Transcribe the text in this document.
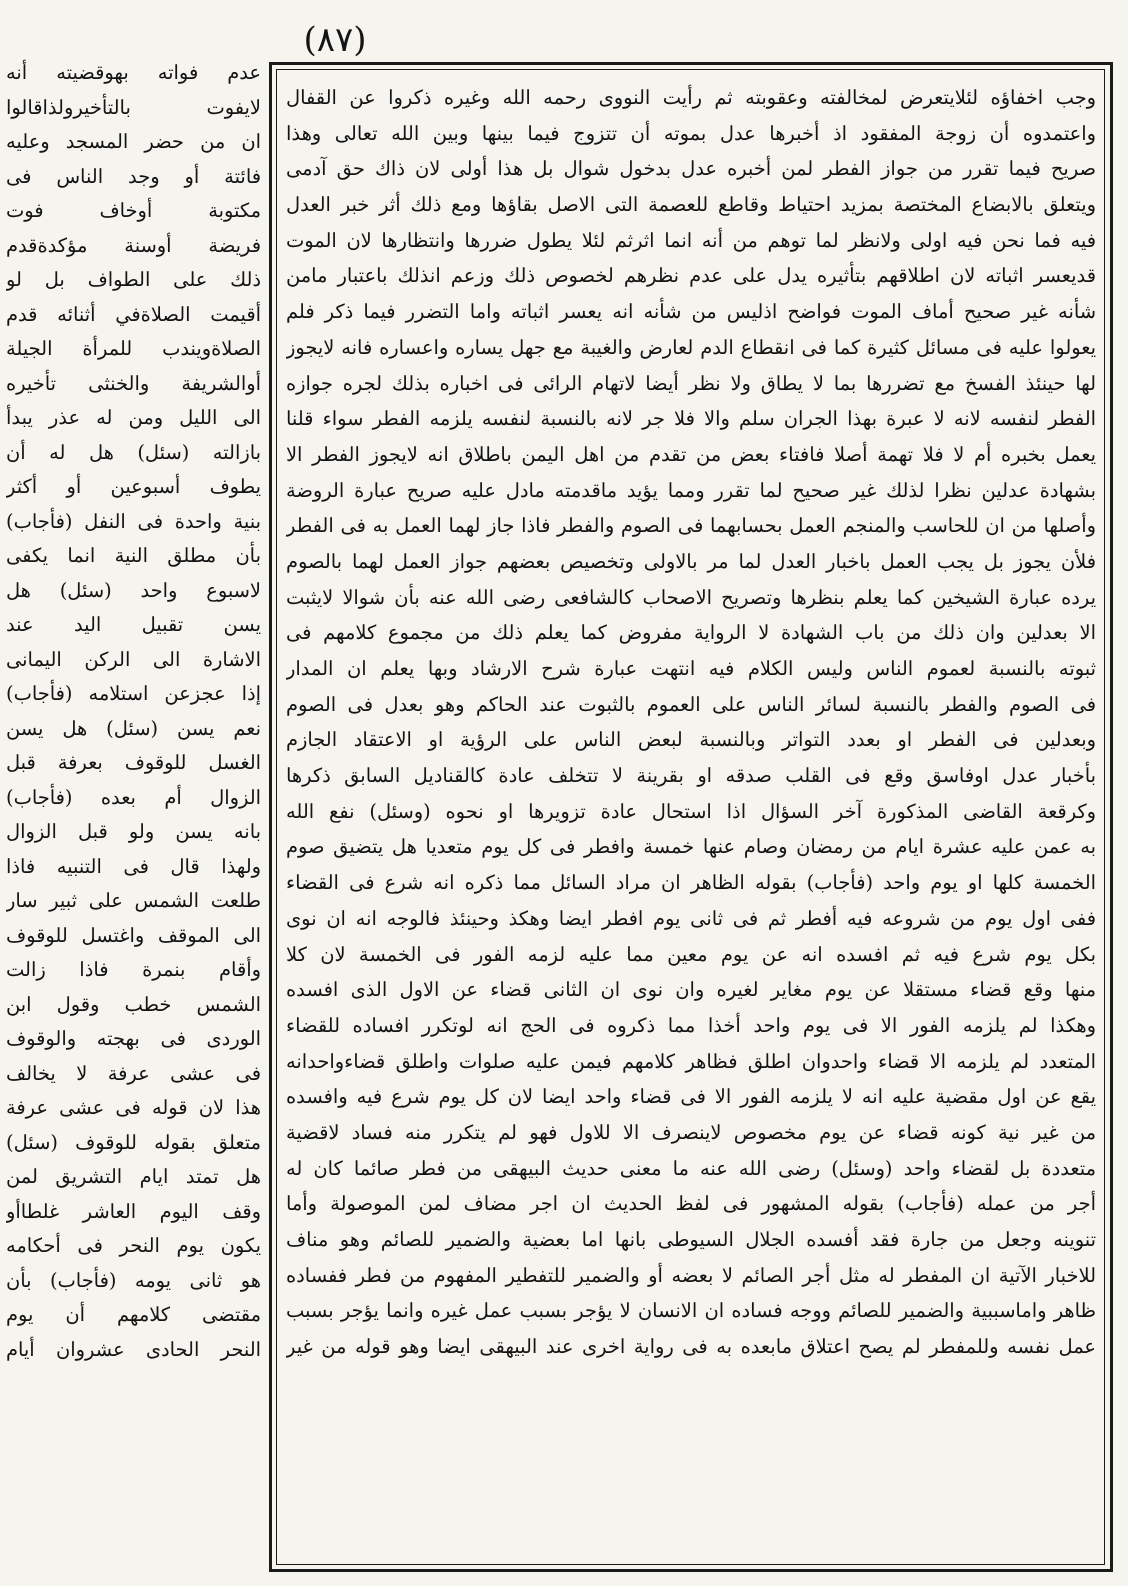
(٨٧)
وجب اخفاؤه لئلايتعرض لمخالفته وعقوبته ثم رأيت النووى رحمه الله وغيره ذكروا عن القفال
واعتمدوه أن زوجة المفقود اذ أخبرها عدل بموته أن تتزوج فيما بينها وبين الله تعالى وهذا
صريح فيما تقرر من جواز الفطر لمن أخبره عدل بدخول شوال بل هذا أولى لان ذاك حق آدمى
ويتعلق بالابضاع المختصة بمزيد احتياط وقاطع للعصمة التى الاصل بقاؤها ومع ذلك أثر خبر العدل
فيه فما نحن فيه اولى ولانظر لما توهم من أنه انما اثرثم لئلا يطول ضررها وانتظارها لان الموت
قديعسر اثباته لان اطلاقهم بتأثيره يدل على عدم نظرهم لخصوص ذلك وزعم انذلك باعتبار مامن
شأنه غير صحيح أماف الموت فواضح اذليس من شأنه انه يعسر اثباته واما التضرر فيما ذكر فلم
يعولوا عليه فى مسائل كثيرة كما فى انقطاع الدم لعارض والغيبة مع جهل يساره واعساره فانه لايجوز
لها حينئذ الفسخ مع تضررها بما لا يطاق ولا نظر أيضا لاتهام الرائى فى اخباره بذلك لجره جوازه
الفطر لنفسه لانه لا عبرة بهذا الجران سلم والا فلا جر لانه بالنسبة لنفسه يلزمه الفطر سواء قلنا
يعمل بخبره أم لا فلا تهمة أصلا فافتاء بعض من تقدم من اهل اليمن باطلاق انه لايجوز الفطر الا
بشهادة عدلين نظرا لذلك غير صحيح لما تقرر ومما يؤيد ماقدمته مادل عليه صريح عبارة الروضة
وأصلها من ان للحاسب والمنجم العمل بحسابهما فى الصوم والفطر فاذا جاز لهما العمل به فى الفطر
فلأن يجوز بل يجب العمل باخبار العدل لما مر بالاولى وتخصيص بعضهم جواز العمل لهما بالصوم
يرده عبارة الشيخين كما يعلم بنظرها وتصريح الاصحاب كالشافعى رضى الله عنه بأن شوالا لايثبت
الا بعدلين وان ذلك من باب الشهادة لا الرواية مفروض كما يعلم ذلك من مجموع كلامهم فى
ثبوته بالنسبة لعموم الناس وليس الكلام فيه انتهت عبارة شرح الارشاد وبها يعلم ان المدار
فى الصوم والفطر بالنسبة لسائر الناس على العموم بالثبوت عند الحاكم وهو بعدل فى الصوم
وبعدلين فى الفطر او بعدد التواتر وبالنسبة لبعض الناس على الرؤية او الاعتقاد الجازم
بأخبار عدل اوفاسق وقع فى القلب صدقه او بقرينة لا تتخلف عادة كالقناديل السابق ذكرها
وكرقعة القاضى المذكورة آخر السؤال اذا استحال عادة تزويرها او نحوه (وسئل) نفع الله
به عمن عليه عشرة ايام من رمضان وصام عنها خمسة وافطر فى كل يوم متعديا هل يتضيق صوم
الخمسة كلها او يوم واحد (فأجاب) بقوله الظاهر ان مراد السائل مما ذكره انه شرع فى القضاء
ففى اول يوم من شروعه فيه أفطر ثم فى ثانى يوم افطر ايضا وهكذ وحينئذ فالوجه انه ان نوى
بكل يوم شرع فيه ثم افسده انه عن يوم معين مما عليه لزمه الفور فى الخمسة لان كلا
منها وقع قضاء مستقلا عن يوم مغاير لغيره وان نوى ان الثانى قضاء عن الاول الذى افسده
وهكذا لم يلزمه الفور الا فى يوم واحد أخذا مما ذكروه فى الحج انه لوتكرر افساده للقضاء
المتعدد لم يلزمه الا قضاء واحدوان اطلق فظاهر كلامهم فيمن عليه صلوات واطلق قضاءواحدانه
يقع عن اول مقضية عليه انه لا يلزمه الفور الا فى قضاء واحد ايضا لان كل يوم شرع فيه وافسده
من غير نية كونه قضاء عن يوم مخصوص لاينصرف الا للاول فهو لم يتكرر منه فساد لاقضية
متعددة بل لقضاء واحد (وسئل) رضى الله عنه ما معنى حديث البيهقى من فطر صائما كان له
أجر من عمله (فأجاب) بقوله المشهور فى لفظ الحديث ان اجر مضاف لمن الموصولة وأما
تنوينه وجعل من جارة فقد أفسده الجلال السيوطى بانها اما بعضية والضمير للصائم وهو مناف
للاخبار الآتية ان المفطر له مثل أجر الصائم لا بعضه أو والضمير للتفطير المفهوم من فطر ففساده
ظاهر واماسببية والضمير للصائم ووجه فساده ان الانسان لا يؤجر بسبب عمل غيره وانما يؤجر بسبب
عمل نفسه وللمفطر لم يصح اعتلاق مابعده به فى رواية اخرى عند البيهقى ايضا وهو قوله من غير
عدم فواته بهوقضيته أنه
لايفوت بالتأخيرولذاقالوا
ان من حضر المسجد وعليه
فائتة أو وجد الناس فى
مكتوبة أوخاف فوت
فريضة أوسنة مؤكدةقدم
ذلك على الطواف بل لو
أقيمت الصلاةفي أثنائه قدم
الصلاةويندب للمرأة الجيلة
أوالشريفة والخنثى تأخيره
الى الليل ومن له عذر يبدأ
بازالته (سئل) هل له أن
يطوف أسبوعين أو أكثر
بنية واحدة فى النفل (فأجاب)
بأن مطلق النية انما يكفى
لاسبوع واحد (سئل) هل
يسن تقبيل اليد عند
الاشارة الى الركن اليمانى
إذا عجزعن استلامه (فأجاب)
نعم يسن (سئل) هل يسن
الغسل للوقوف بعرفة قبل
الزوال أم بعده (فأجاب)
بانه يسن ولو قبل الزوال
ولهذا قال فى التنبيه فاذا
طلعت الشمس على ثبير سار
الى الموقف واغتسل للوقوف
وأقام بنمرة فاذا زالت
الشمس خطب وقول ابن
الوردى فى بهجته والوقوف
فى عشى عرفة لا يخالف
هذا لان قوله فى عشى عرفة
متعلق بقوله للوقوف (سئل)
هل تمتد ايام التشريق لمن
وقف اليوم العاشر غلطاأو
يكون يوم النحر فى أحكامه
هو ثانى يومه (فأجاب) بأن
مقتضى كلامهم أن يوم
النحر الحادى عشروان أيام
